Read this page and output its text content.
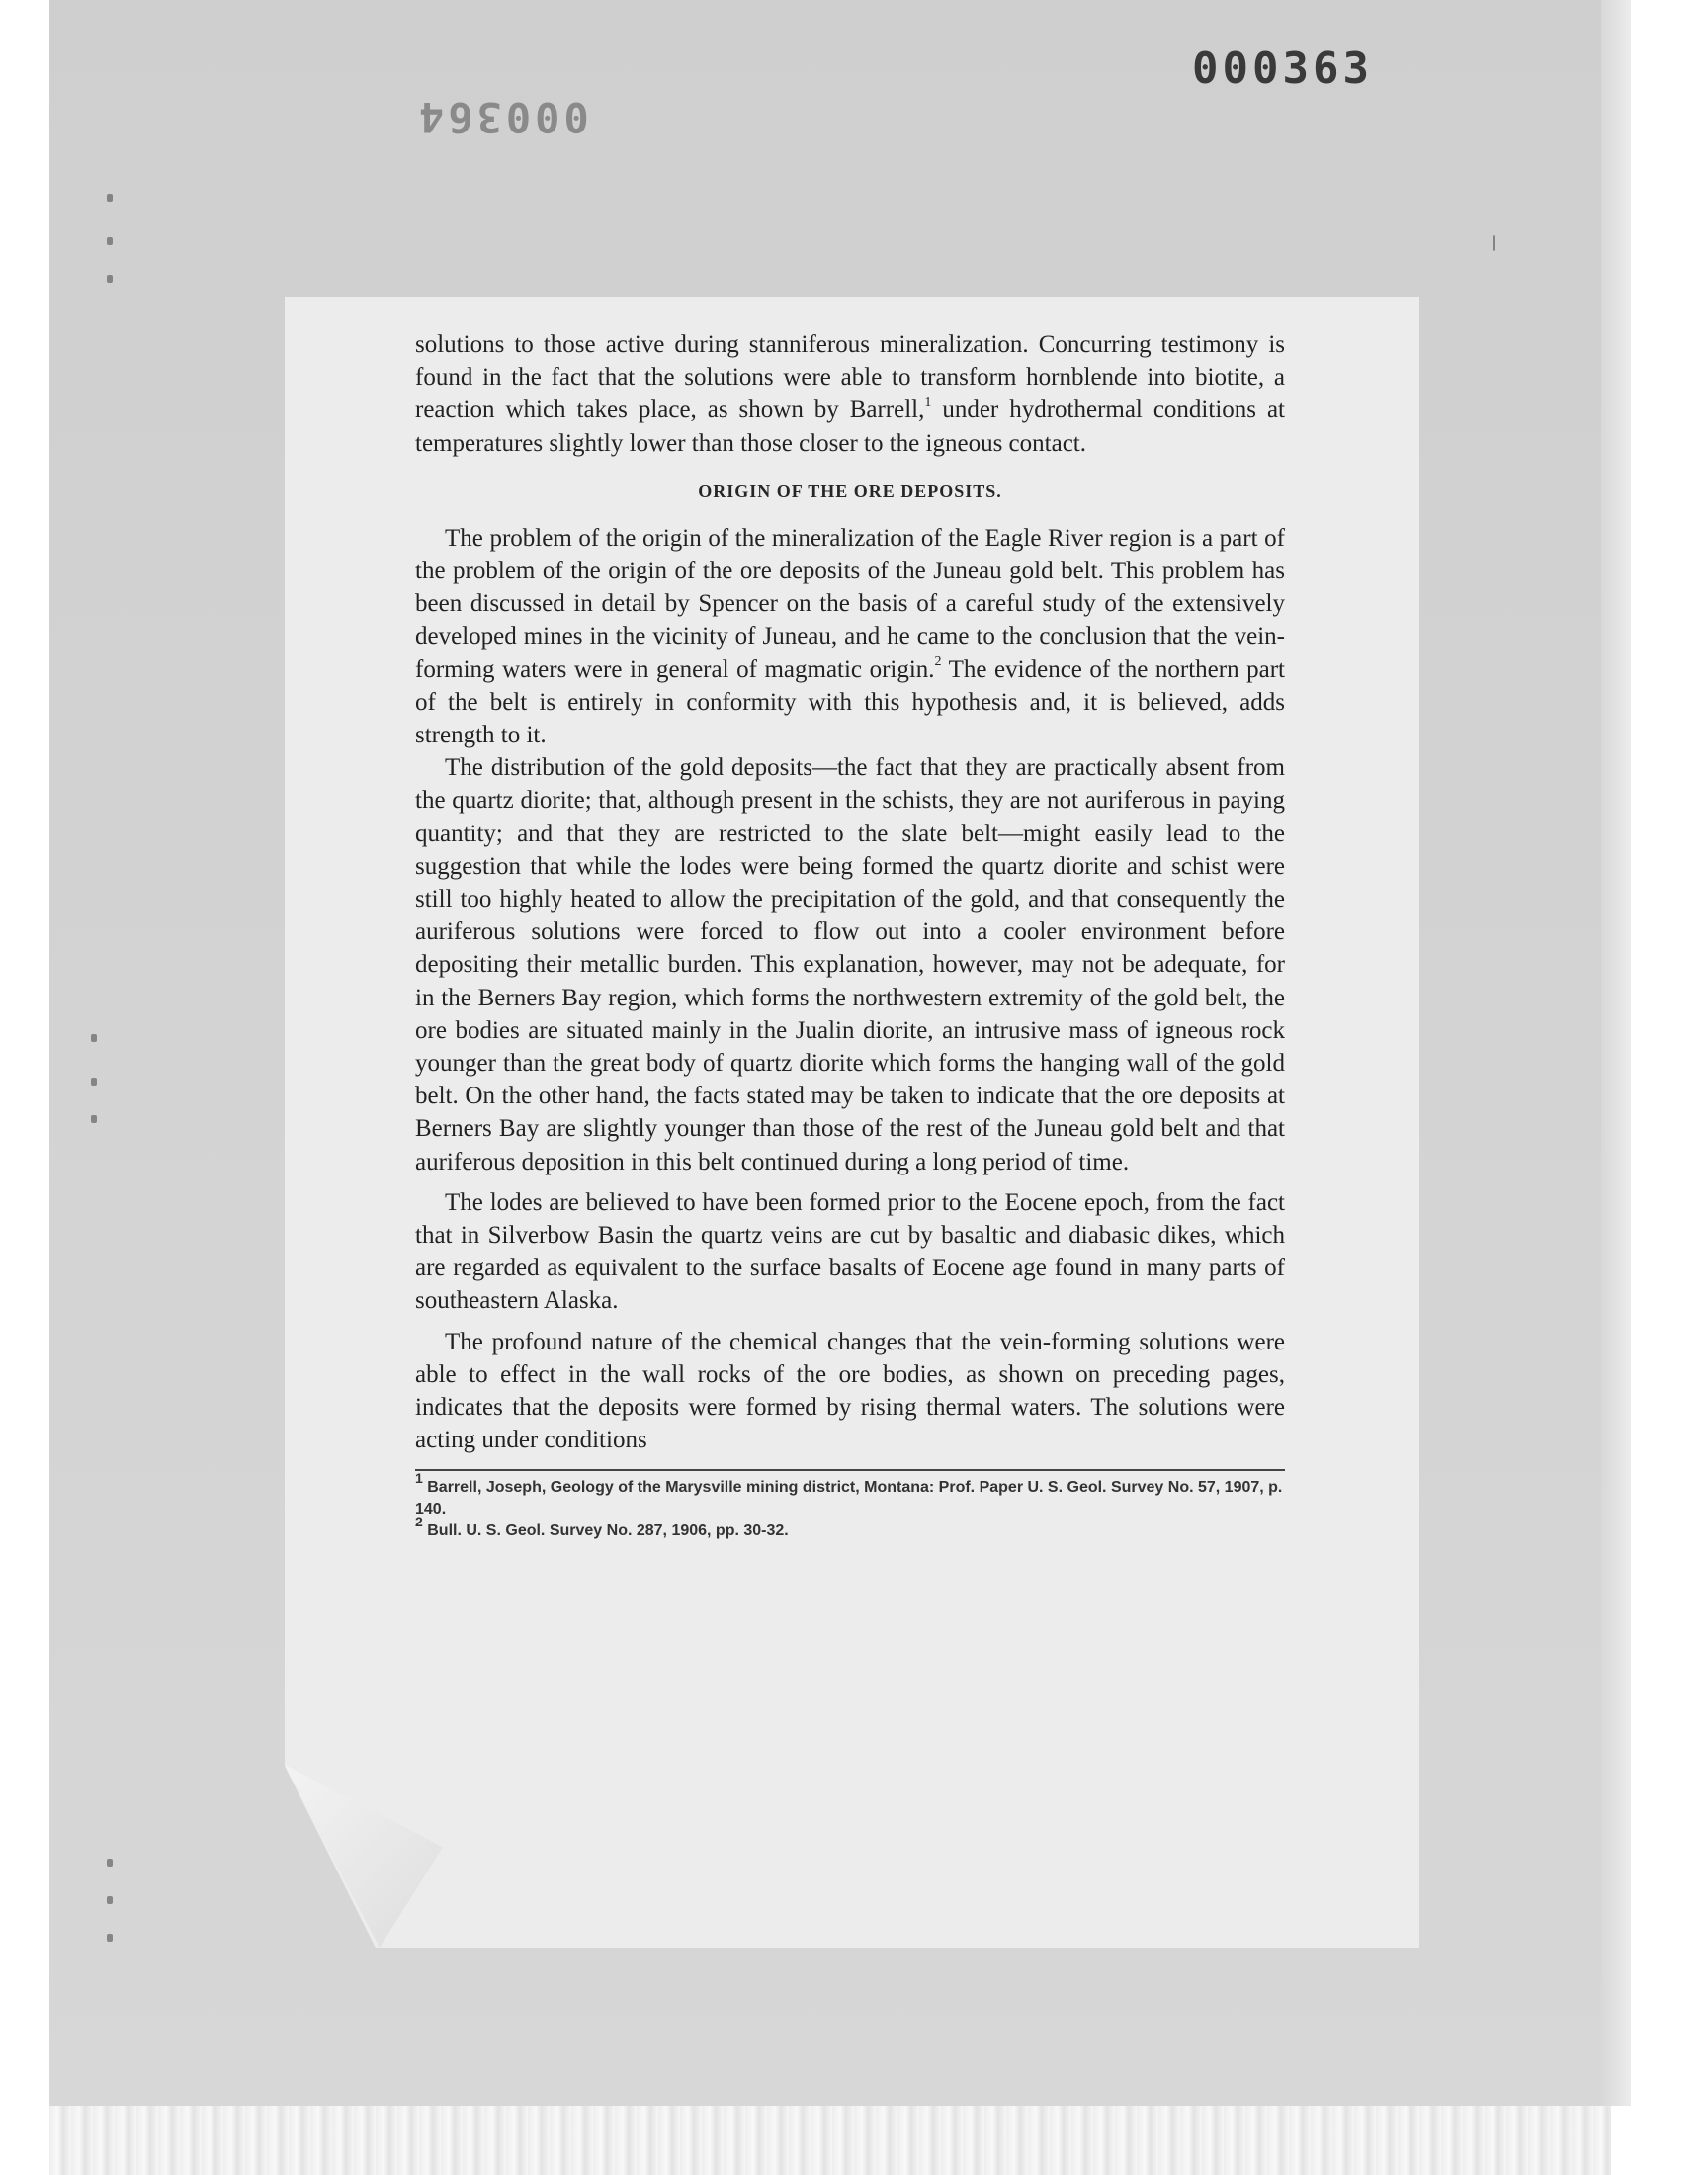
000363
000364

solutions to those active during stanniferous mineralization. Concurring testimony is found in the fact that the solutions were able to transform hornblende into biotite, a reaction which takes place, as shown by Barrell,$^1$ under hydrothermal conditions at temperatures slightly lower than those closer to the igneous contact.

ORIGIN OF THE ORE DEPOSITS.

The problem of the origin of the mineralization of the Eagle River region is a part of the problem of the origin of the ore deposits of the Juneau gold belt. This problem has been discussed in detail by Spencer on the basis of a careful study of the extensively developed mines in the vicinity of Juneau, and he came to the conclusion that the vein-forming waters were in general of magmatic origin.$^2$ The evidence of the northern part of the belt is entirely in conformity with this hypothesis and, it is believed, adds strength to it.

The distribution of the gold deposits—the fact that they are practically absent from the quartz diorite; that, although present in the schists, they are not auriferous in paying quantity; and that they are restricted to the slate belt—might easily lead to the suggestion that while the lodes were being formed the quartz diorite and schist were still too highly heated to allow the precipitation of the gold, and that consequently the auriferous solutions were forced to flow out into a cooler environment before depositing their metallic burden. This explanation, however, may not be adequate, for in the Berners Bay region, which forms the northwestern extremity of the gold belt, the ore bodies are situated mainly in the Jualin diorite, an intrusive mass of igneous rock younger than the great body of quartz diorite which forms the hanging wall of the gold belt. On the other hand, the facts stated may be taken to indicate that the ore deposits at Berners Bay are slightly younger than those of the rest of the Juneau gold belt and that auriferous deposition in this belt continued during a long period of time.

The lodes are believed to have been formed prior to the Eocene epoch, from the fact that in Silverbow Basin the quartz veins are cut by basaltic and diabasic dikes, which are regarded as equivalent to the surface basalts of Eocene age found in many parts of southeastern Alaska.

The profound nature of the chemical changes that the vein-forming solutions were able to effect in the wall rocks of the ore bodies, as shown on preceding pages, indicates that the deposits were formed by rising thermal waters. The solutions were acting under conditions

$^1$ Barrell, Joseph, Geology of the Marysville mining district, Montana: Prof. Paper U. S. Geol. Survey No. 57, 1907, p. 140.

$^2$ Bull. U. S. Geol. Survey No. 287, 1906, pp. 30-32.
